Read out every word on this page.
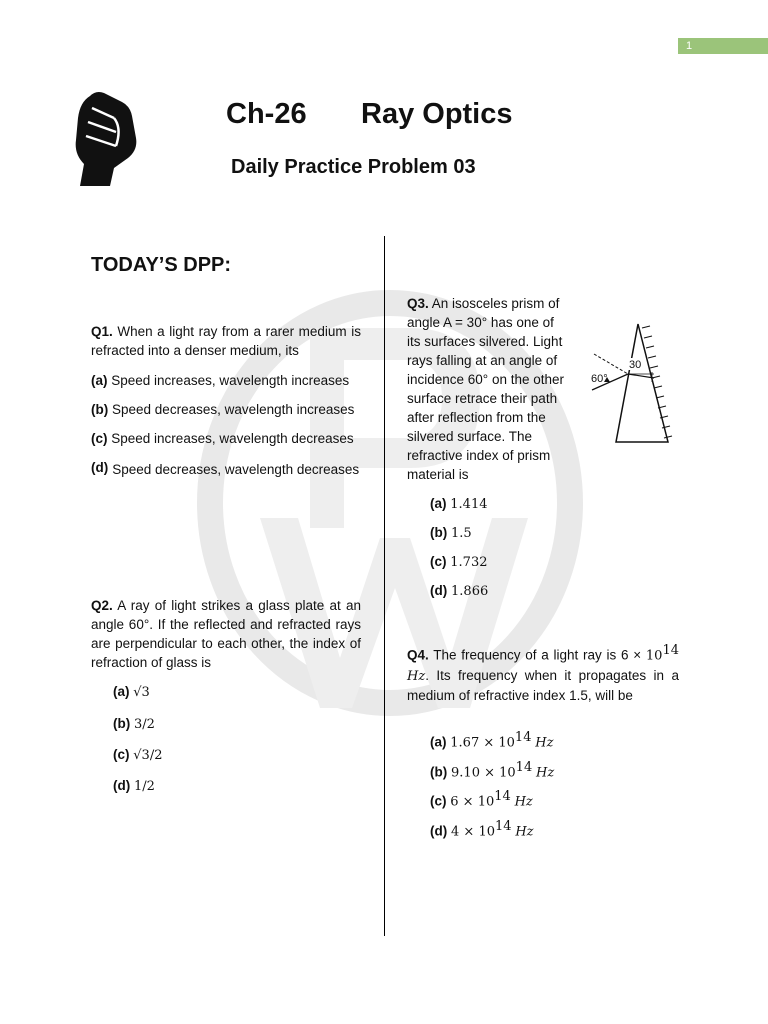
1
Ch-26 Ray Optics
Daily Practice Problem 03
TODAY’S DPP:
Q1. When a light ray from a rarer medium is refracted into a denser medium, its
(a) Speed increases, wavelength increases
(b) Speed decreases, wavelength increases
(c) Speed increases, wavelength decreases
(d) Speed decreases, wavelength decreases
Q2. A ray of light strikes a glass plate at an angle 60°. If the reflected and refracted rays are perpendicular to each other, the index of refraction of glass is
(a) √3
(b) 3/2
(c) √3/2
(d) 1/2
Q3. An isosceles prism of
angle A = 30° has one of
its surfaces silvered. Light
rays falling at an angle of
incidence 60° on the other
surface retrace their path
after reflection from the
silvered surface. The
refractive index of prism
material is
60°
30
(a) 1.414
(b) 1.5
(c) 1.732
(d) 1.866
Q4. The frequency of a light ray is $6 \times 10^{14}$ Hz. Its frequency when it propagates in a medium of refractive index 1.5, will be
(a) $1.67 \times 10^{14}$ Hz
(b) $9.10 \times 10^{14}$ Hz
(c) $6 \times 10^{14}$ Hz
(d) $4 \times 10^{14}$ Hz
